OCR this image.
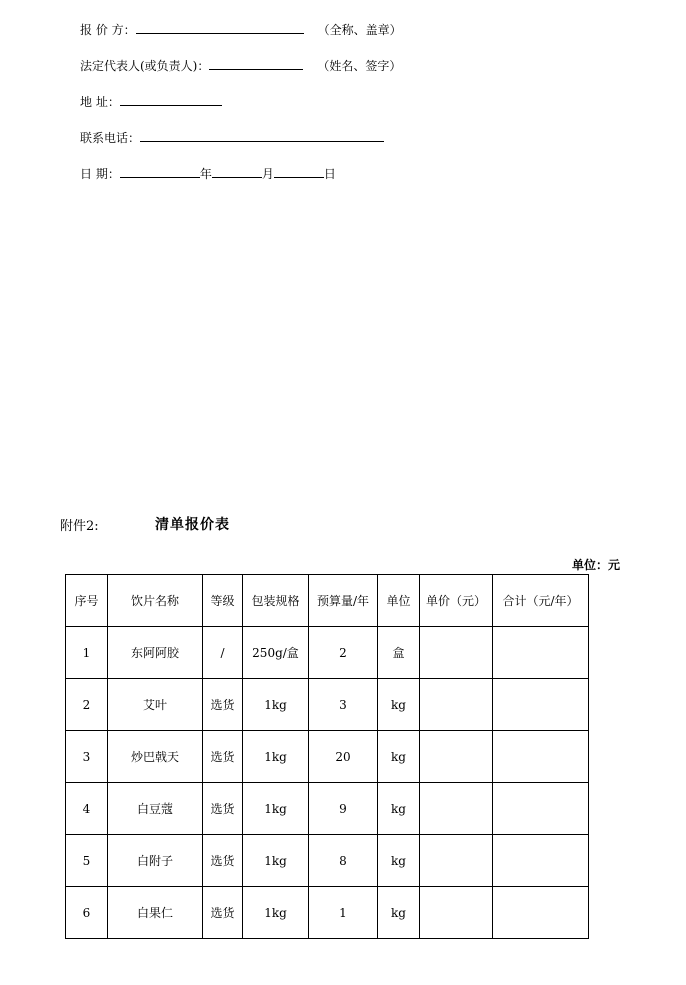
报 价 方：	（全称、盖章）
法定代表人(或负责人)：	（姓名、签字）
地 址：
联系电话：
日 期：	年	月	日
附件2:	清单报价表
单位：元
序号	饮片名称	等级	包装规格	预算量/年	单位	单价（元）	合计（元/年）
1	东阿阿胶	/	250g/盒	2	盒		
2	艾叶	选货	1kg	3	kg		
3	炒巴戟天	选货	1kg	20	kg		
4	白豆蔻	选货	1kg	9	kg		
5	白附子	选货	1kg	8	kg		
6	白果仁	选货	1kg	1	kg		
